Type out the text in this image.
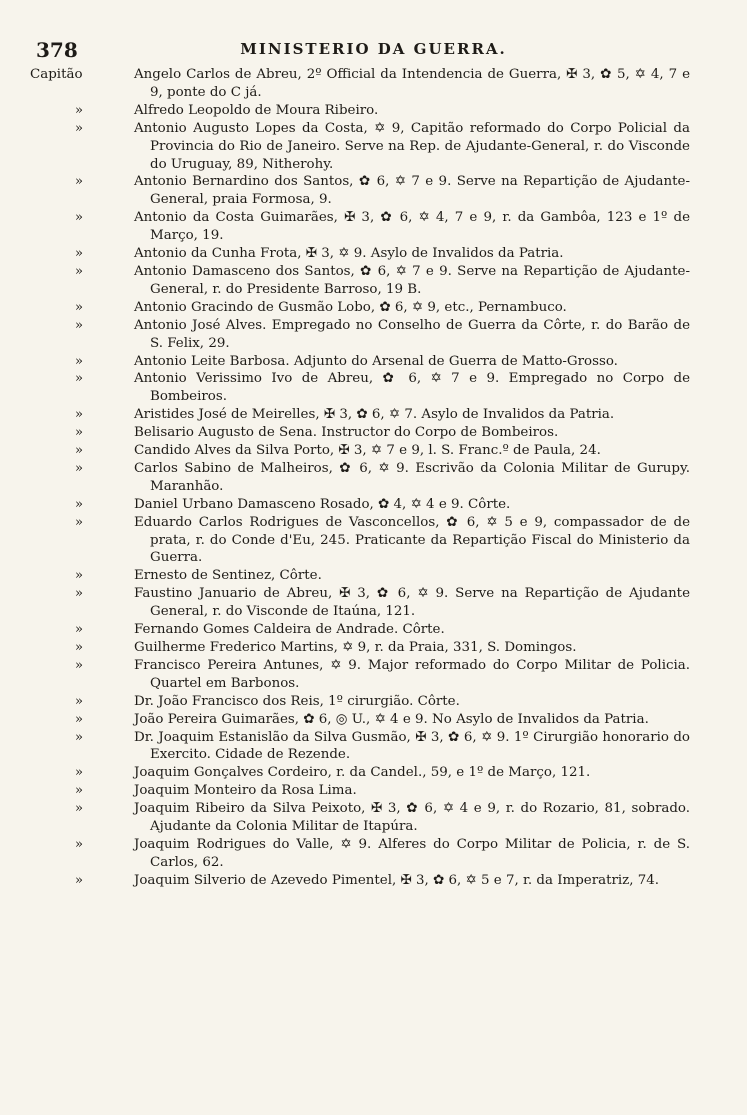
378	MINISTERIO DA GUERRA.
Capitão	Angelo Carlos de Abreu, 2º Official da Intendencia de Guerra, ✠ 3, ✿ 5, ✡ 4, 7 e 9, ponte do C já.
»	Alfredo Leopoldo de Moura Ribeiro.
»	Antonio Augusto Lopes da Costa, ✡ 9, Capitão reformado do Corpo Policial da Provincia do Rio de Janeiro. Serve na Rep. de Ajudante-General, r. do Visconde do Uruguay, 89, Nitherohy.
»	Antonio Bernardino dos Santos, ✿ 6, ✡ 7 e 9. Serve na Repartição de Ajudante-General, praia Formosa, 9.
»	Antonio da Costa Guimarães, ✠ 3, ✿ 6, ✡ 4, 7 e 9, r. da Gambôa, 123 e 1º de Março, 19.
»	Antonio da Cunha Frota, ✠ 3, ✡ 9. Asylo de Invalidos da Patria.
»	Antonio Damasceno dos Santos, ✿ 6, ✡ 7 e 9. Serve na Repartição de Ajudante-General, r. do Presidente Barroso, 19 B.
»	Antonio Gracindo de Gusmão Lobo, ✿ 6, ✡ 9, etc., Pernambuco.
»	Antonio José Alves. Empregado no Conselho de Guerra da Côrte, r. do Barão de S. Felix, 29.
»	Antonio Leite Barbosa. Adjunto do Arsenal de Guerra de Matto-Grosso.
»	Antonio Verissimo Ivo de Abreu, ✿ 6, ✡ 7 e 9. Empregado no Corpo de Bombeiros.
»	Aristides José de Meirelles, ✠ 3, ✿ 6, ✡ 7. Asylo de Invalidos da Patria.
»	Belisario Augusto de Sena. Instructor do Corpo de Bombeiros.
»	Candido Alves da Silva Porto, ✠ 3, ✡ 7 e 9, l. S. Franc.º de Paula, 24.
»	Carlos Sabino de Malheiros, ✿ 6, ✡ 9. Escrivão da Colonia Militar de Gurupy. Maranhão.
»	Daniel Urbano Damasceno Rosado, ✿ 4, ✡ 4 e 9. Côrte.
»	Eduardo Carlos Rodrigues de Vasconcellos, ✿ 6, ✡ 5 e 9, compassador de de prata, r. do Conde d'Eu, 245. Praticante da Repartição Fiscal do Ministerio da Guerra.
»	Ernesto de Sentinez, Côrte.
»	Faustino Januario de Abreu, ✠ 3, ✿ 6, ✡ 9. Serve na Repartição de Ajudante General, r. do Visconde de Itaúna, 121.
»	Fernando Gomes Caldeira de Andrade. Côrte.
»	Guilherme Frederico Martins, ✡ 9, r. da Praia, 331, S. Domingos.
»	Francisco Pereira Antunes, ✡ 9. Major reformado do Corpo Militar de Policia. Quartel em Barbonos.
»	Dr. João Francisco dos Reis, 1º cirurgião. Côrte.
»	João Pereira Guimarães, ✿ 6, ◎ U., ✡ 4 e 9. No Asylo de Invalidos da Patria.
»	Dr. Joaquim Estanislão da Silva Gusmão, ✠ 3, ✿ 6, ✡ 9. 1º Cirurgião honorario do Exercito. Cidade de Rezende.
»	Joaquim Gonçalves Cordeiro, r. da Candel., 59, e 1º de Março, 121.
»	Joaquim Monteiro da Rosa Lima.
»	Joaquim Ribeiro da Silva Peixoto, ✠ 3, ✿ 6, ✡ 4 e 9, r. do Rozario, 81, sobrado. Ajudante da Colonia Militar de Itapúra.
»	Joaquim Rodrigues do Valle, ✡ 9. Alferes do Corpo Militar de Policia, r. de S. Carlos, 62.
»	Joaquim Silverio de Azevedo Pimentel, ✠ 3, ✿ 6, ✡ 5 e 7, r. da Imperatriz, 74.
